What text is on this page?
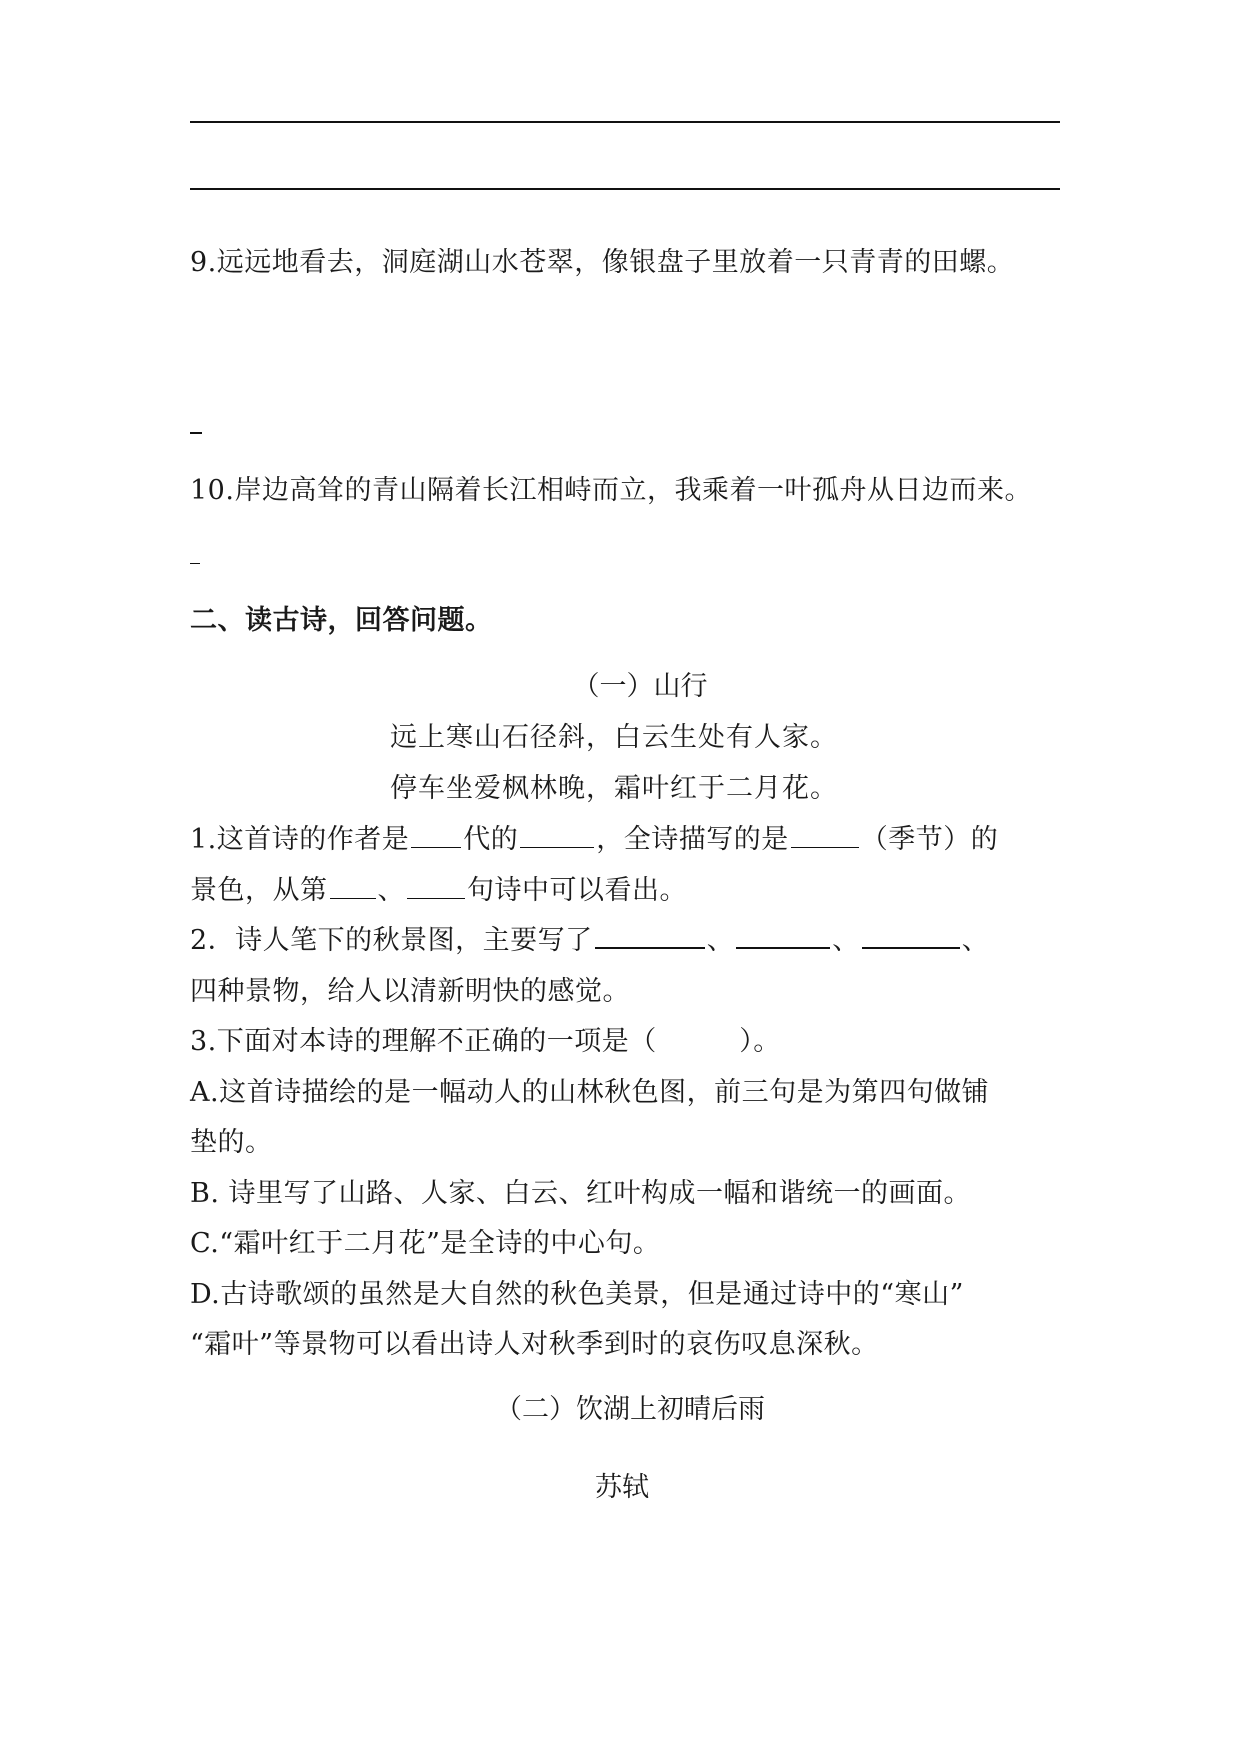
9.远远地看去，洞庭湖山水苍翠，像银盘子里放着一只青青的田螺。
10.岸边高耸的青山隔着长江相峙而立，我乘着一叶孤舟从日边而来。
二、读古诗，回答问题。
（一）山行
远上寒山石径斜，白云生处有人家。
停车坐爱枫林晚，霜叶红于二月花。
1.这首诗的作者是 代的	，全诗描写的是	（季节）的
景色，从第 、 句诗中可以看出。
2．诗人笔下的秋景图，主要写了	、	、	、
四种景物，给人以清新明快的感觉。
3.下面对本诗的理解不正确的一项是（　　　）。
A.这首诗描绘的是一幅动人的山林秋色图，前三句是为第四句做铺
垫的。
B. 诗里写了山路、人家、白云、红叶构成一幅和谐统一的画面。
C.“霜叶红于二月花”是全诗的中心句。
D.古诗歌颂的虽然是大自然的秋色美景，但是通过诗中的“寒山”
“霜叶”等景物可以看出诗人对秋季到时的哀伤叹息深秋。
（二）饮湖上初晴后雨
苏轼
